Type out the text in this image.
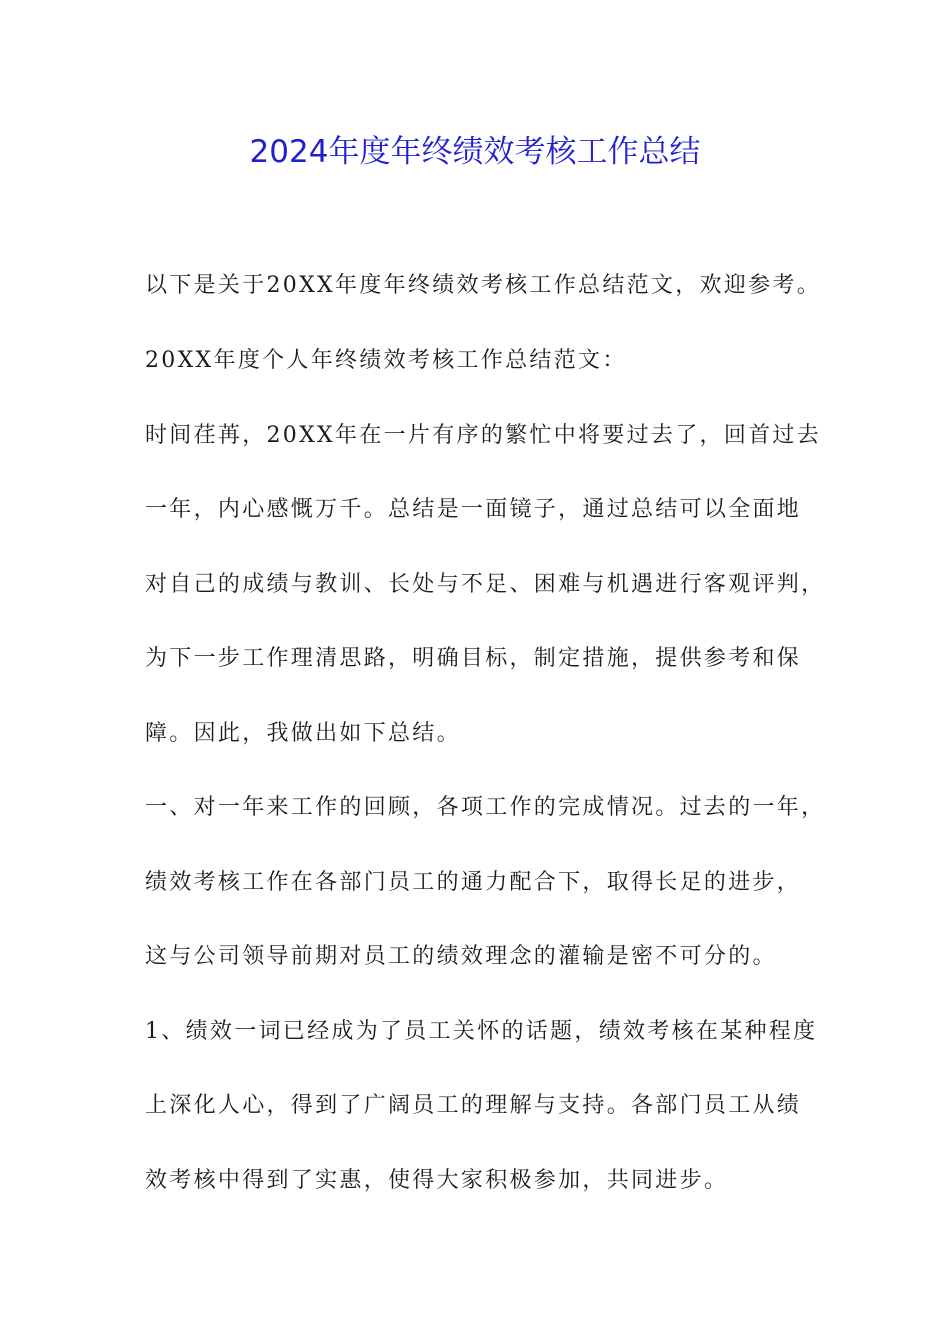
2024年度年终绩效考核工作总结
以下是关于20XX年度年终绩效考核工作总结范文，欢迎参考。
20XX年度个人年终绩效考核工作总结范文：
时间荏苒，20XX年在一片有序的繁忙中将要过去了，回首过去
一年，内心感慨万千。总结是一面镜子，通过总结可以全面地
对自己的成绩与教训、长处与不足、困难与机遇进行客观评判，
为下一步工作理清思路，明确目标，制定措施，提供参考和保
障。因此，我做出如下总结。
一、对一年来工作的回顾，各项工作的完成情况。过去的一年，
绩效考核工作在各部门员工的通力配合下，取得长足的进步，
这与公司领导前期对员工的绩效理念的灌输是密不可分的。
1、绩效一词已经成为了员工关怀的话题，绩效考核在某种程度
上深化人心，得到了广阔员工的理解与支持。各部门员工从绩
效考核中得到了实惠，使得大家积极参加，共同进步。
